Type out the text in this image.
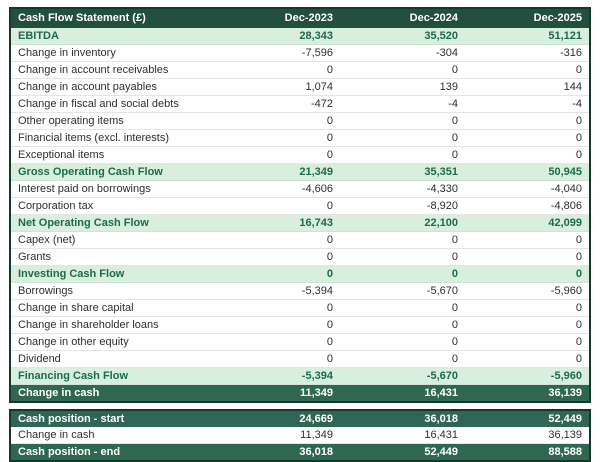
Cash Flow Statement (£)	Dec-2023	Dec-2024	Dec-2025
EBITDA	28,343	35,520	51,121
Change in inventory	-7,596	-304	-316
Change in account receivables	0	0	0
Change in account payables	1,074	139	144
Change in fiscal and social debts	-472	-4	-4
Other operating items	0	0	0
Financial items (excl. interests)	0	0	0
Exceptional items	0	0	0
Gross Operating Cash Flow	21,349	35,351	50,945
Interest paid on borrowings	-4,606	-4,330	-4,040
Corporation tax	0	-8,920	-4,806
Net Operating Cash Flow	16,743	22,100	42,099
Capex (net)	0	0	0
Grants	0	0	0
Investing Cash Flow	0	0	0
Borrowings	-5,394	-5,670	-5,960
Change in share capital	0	0	0
Change in shareholder loans	0	0	0
Change in other equity	0	0	0
Dividend	0	0	0
Financing Cash Flow	-5,394	-5,670	-5,960
Change in cash	11,349	16,431	36,139
Cash position - start	24,669	36,018	52,449
Change in cash	11,349	16,431	36,139
Cash position - end	36,018	52,449	88,588
